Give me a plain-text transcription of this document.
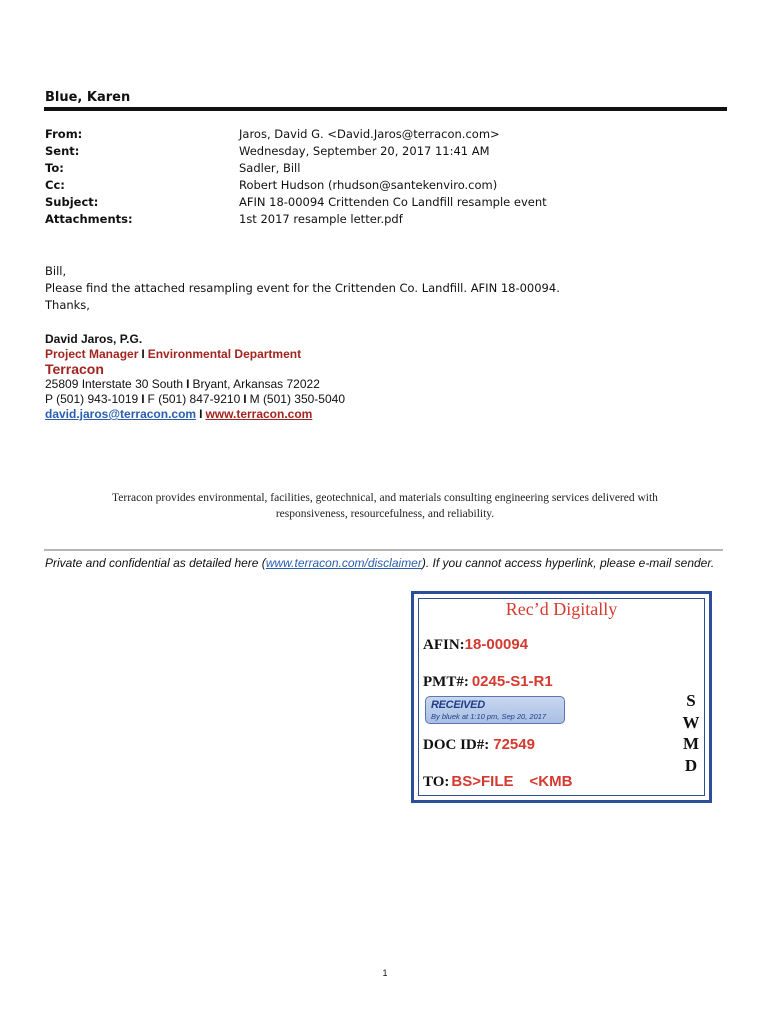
Blue, Karen
From:	Jaros, David G. <David.Jaros@terracon.com>
Sent:	Wednesday, September 20, 2017 11:41 AM
To:	Sadler, Bill
Cc:	Robert Hudson (rhudson@santekenviro.com)
Subject:	AFIN 18-00094 Crittenden Co Landfill resample event
Attachments:	1st 2017 resample letter.pdf
Bill,
Please find the attached resampling event for the Crittenden Co. Landfill. AFIN 18-00094.
Thanks,
David Jaros, P.G.
Project Manager I Environmental Department
Terracon
25809 Interstate 30 South I Bryant, Arkansas 72022
P (501) 943-1019 I F (501) 847-9210 I M (501) 350-5040
david.jaros@terracon.com I www.terracon.com
Terracon provides environmental, facilities, geotechnical, and materials consulting engineering services delivered with
responsiveness, resourcefulness, and reliability.
Private and confidential as detailed here (www.terracon.com/disclaimer). If you cannot access hyperlink, please e-mail sender.
Rec’d Digitally
AFIN:18-00094
PMT#: 0245-S1-R1
RECEIVED
By bluek at 1:10 pm, Sep 20, 2017
DOC ID#: 72549
TO: BS>FILE <KMB
S
W
M
D
1
